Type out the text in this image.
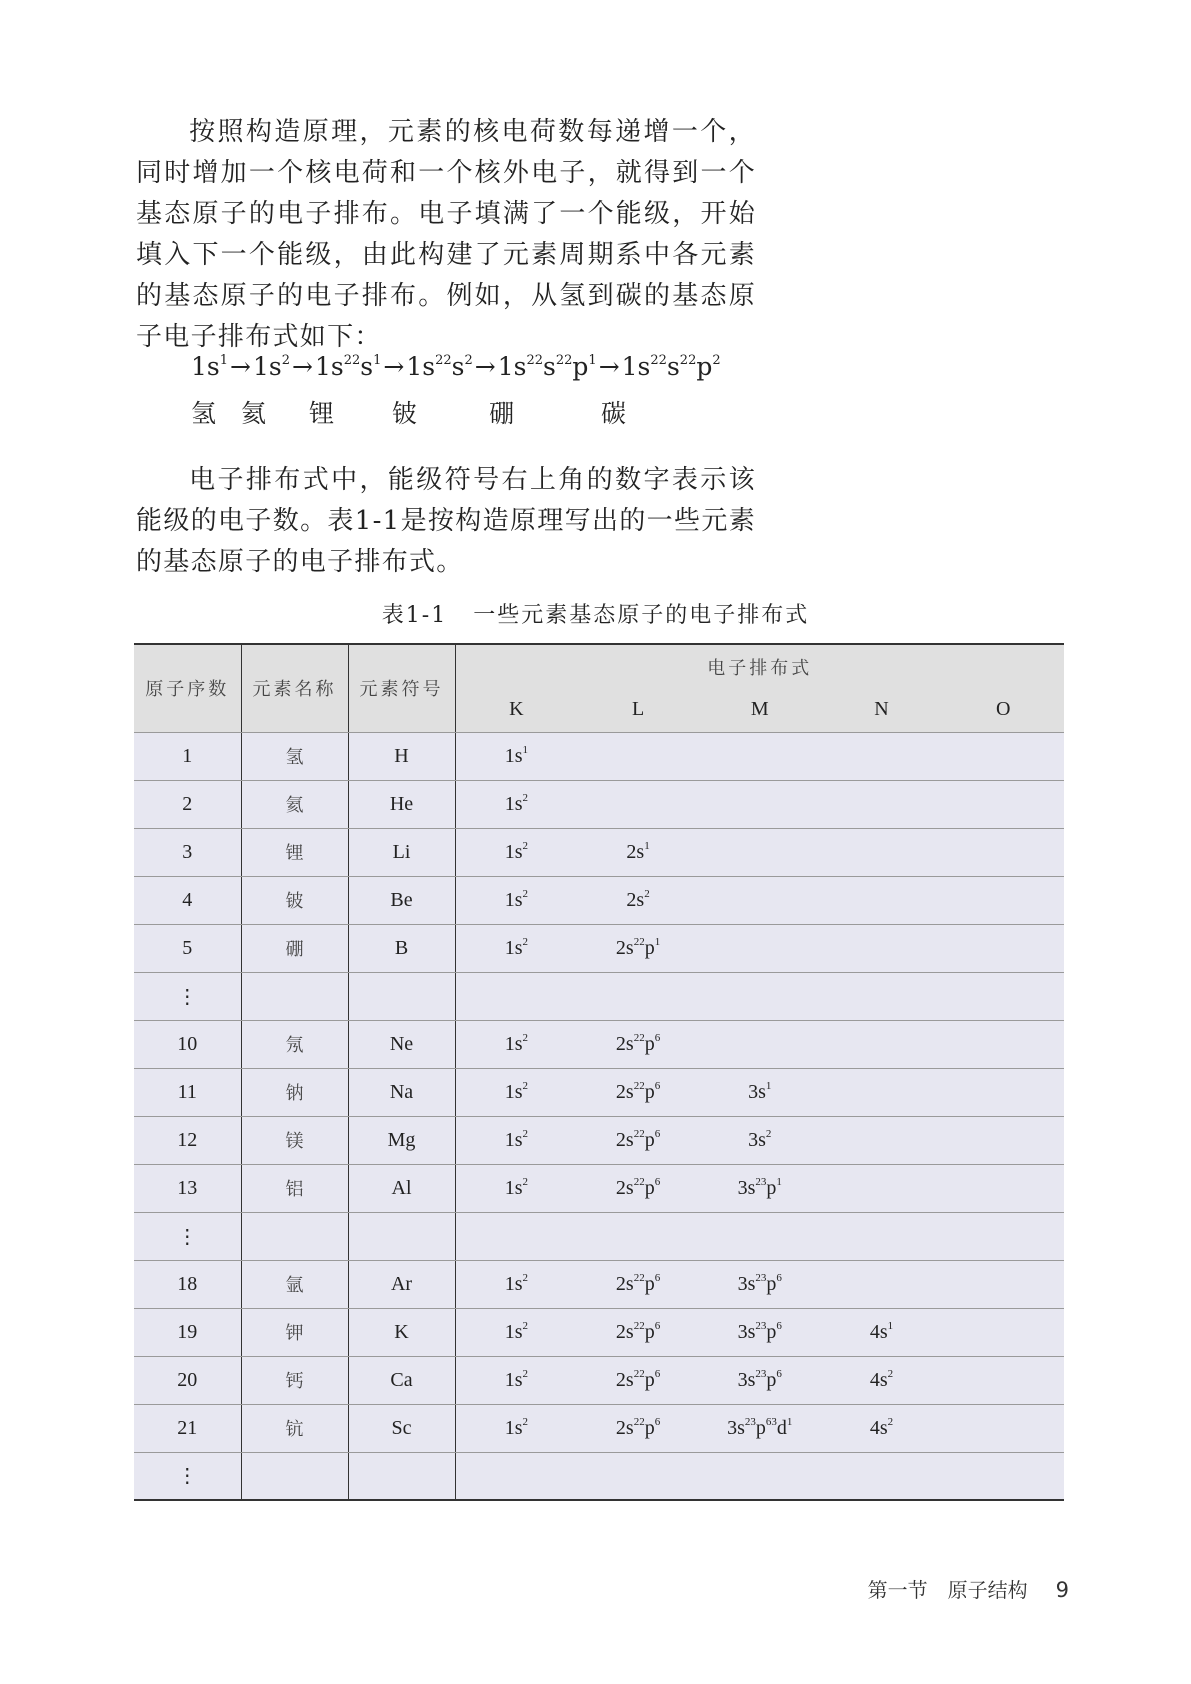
按照构造原理，元素的核电荷数每递增一个，同时增加一个核电荷和一个核外电子，就得到一个基态原子的电子排布。电子填满了一个能级，开始填入下一个能级，由此构建了元素周期系中各元素的基态原子的电子排布。例如，从氢到碳的基态原子电子排布式如下：

$1s^1\to 1s^2\to 1s^{22}s^1\to 1s^{22}s^2\to 1s^{22}s^{22}p^1\to 1s^{22}s^{22}p^2$
氢 氦 锂 铍	硼	碳

电子排布式中，能级符号右上角的数字表示该能级的电子数。表1-1是按构造原理写出的一些元素的基态原子的电子排布式。

表1-1 一些元素基态原子的电子排布式
原子序数	元素名称	元素符号	电子排布式

			K L M N O

1	氢	H	$1s^1$

2	氦	He	$1s^2$

3	锂	Li	$1s^2$ $2s^1$

4	铍	Be	$1s^2$ $2s^2$

5	硼	B	$1s^2$ $2s^{22}p^1$

⋮			

10	氖	Ne	$1s^2$ $2s^{22}p^6$

11	钠	Na	$1s^2$ $2s^{22}p^6$ $3s^1$

12	镁	Mg	$1s^2$ $2s^{22}p^6$ $3s^2$

13	铝	Al	$1s^2$ $2s^{22}p^6$ $3s^{23}p^1$

⋮			

18	氩	Ar	$1s^2$ $2s^{22}p^6$ $3s^{23}p^6$

19	钾	K	$1s^2$ $2s^{22}p^6$ $3s^{23}p^6$ $4s^1$

20	钙	Ca	$1s^2$ $2s^{22}p^6$ $3s^{23}p^6$ $4s^2$

21	钪	Sc	$1s^2$ $2s^{22}p^6$ $3s^{23}p^{63}d^1$ $4s^2$

⋮			
第一节　原子结构 9
